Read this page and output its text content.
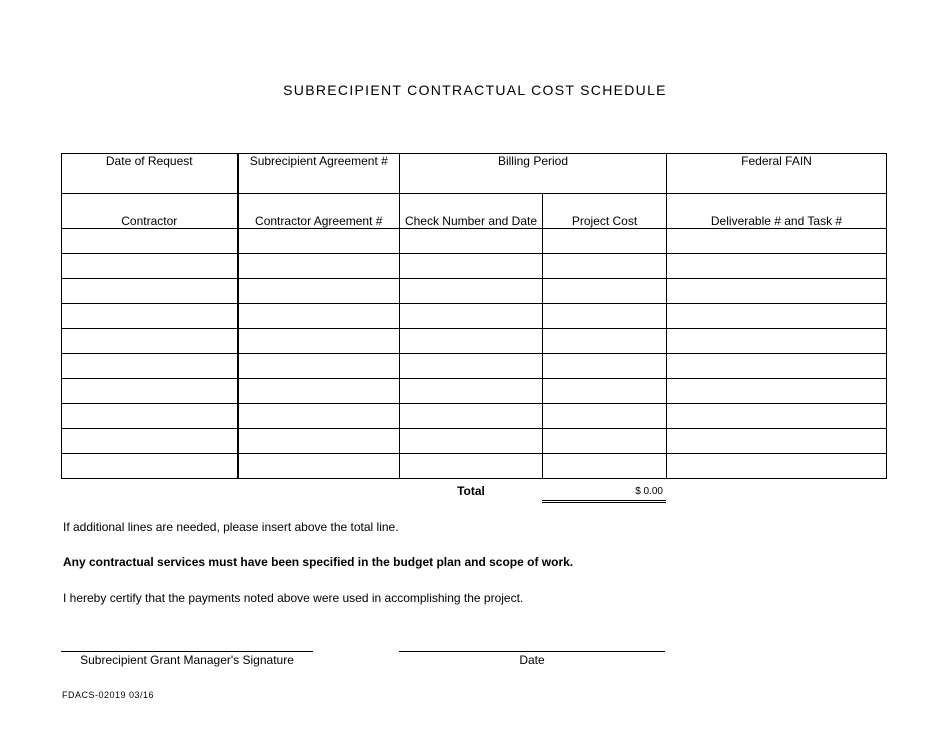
SUBRECIPIENT CONTRACTUAL COST SCHEDULE
Date of Request	Subrecipient Agreement #	Billing Period		Federal FAIN
Contractor	Contractor Agreement #	Check Number and Date	Project Cost	Deliverable # and Task #

Total	$ 0.00
If additional lines are needed, please insert above the total line.
Any contractual services must have been specified in the budget plan and scope of work.
I hereby certify that the payments noted above were used in accomplishing the project.
Subrecipient Grant Manager's Signature	Date
FDACS-02019 03/16
